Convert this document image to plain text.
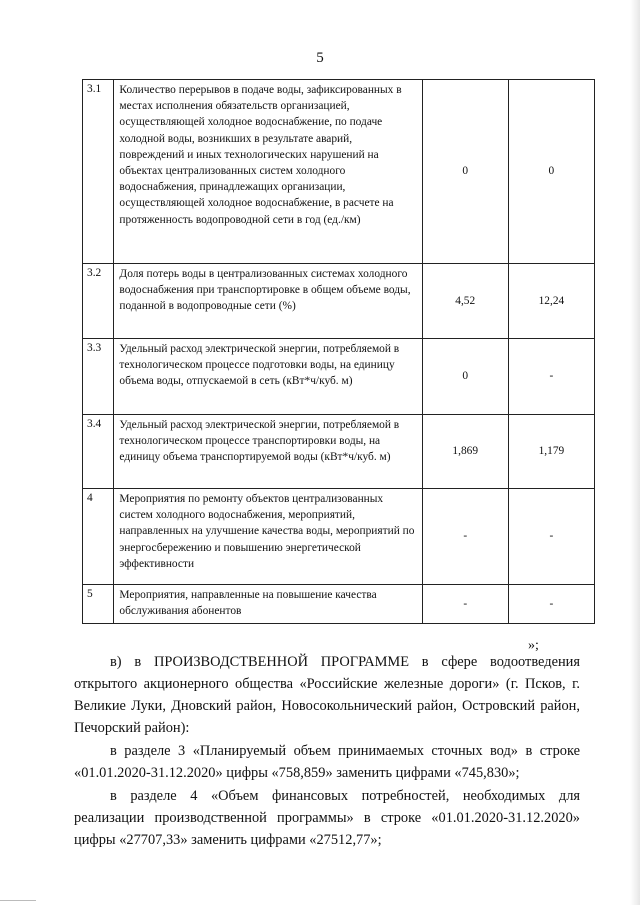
5
3.1	Количество перерывов в подаче воды, зафиксированных в местах исполнения обязательств организацией, осуществляющей холодное водоснабжение, по подаче холодной воды, возникших в результате аварий, повреждений и иных технологических нарушений на объектах централизованных систем холодного водоснабжения, принадлежащих организации, осуществляющей холодное водоснабжение, в расчете на протяженность водопроводной сети в год (ед./км)	0	0
3.2	Доля потерь воды в централизованных системах холодного водоснабжения при транспортировке в общем объеме воды, поданной в водопроводные сети (%)	4,52	12,24
3.3	Удельный расход электрической энергии, потребляемой в технологическом процессе подготовки воды, на единицу объема воды, отпускаемой в сеть (кВт*ч/куб. м)	0	-
3.4	Удельный расход электрической энергии, потребляемой в технологическом процессе транспортировки воды, на единицу объема транспортируемой воды (кВт*ч/куб. м)	1,869	1,179
4	Мероприятия по ремонту объектов централизованных систем холодного водоснабжения, мероприятий, направленных на улучшение качества воды, мероприятий по энергосбережению и повышению энергетической эффективности	-	-
5	Мероприятия, направленные на повышение качества обслуживания абонентов	-	-
»;
в) в ПРОИЗВОДСТВЕННОЙ ПРОГРАММЕ в сфере водоотведения открытого акционерного общества «Российские железные дороги» (г. Псков, г. Великие Луки, Дновский район, Новосокольнический район, Островский район, Печорский район):
в разделе 3 «Планируемый объем принимаемых сточных вод» в строке «01.01.2020-31.12.2020» цифры «758,859» заменить цифрами «745,830»;
в разделе 4 «Объем финансовых потребностей, необходимых для реализации производственной программы» в строке «01.01.2020-31.12.2020» цифры «27707,33» заменить цифрами «27512,77»;
